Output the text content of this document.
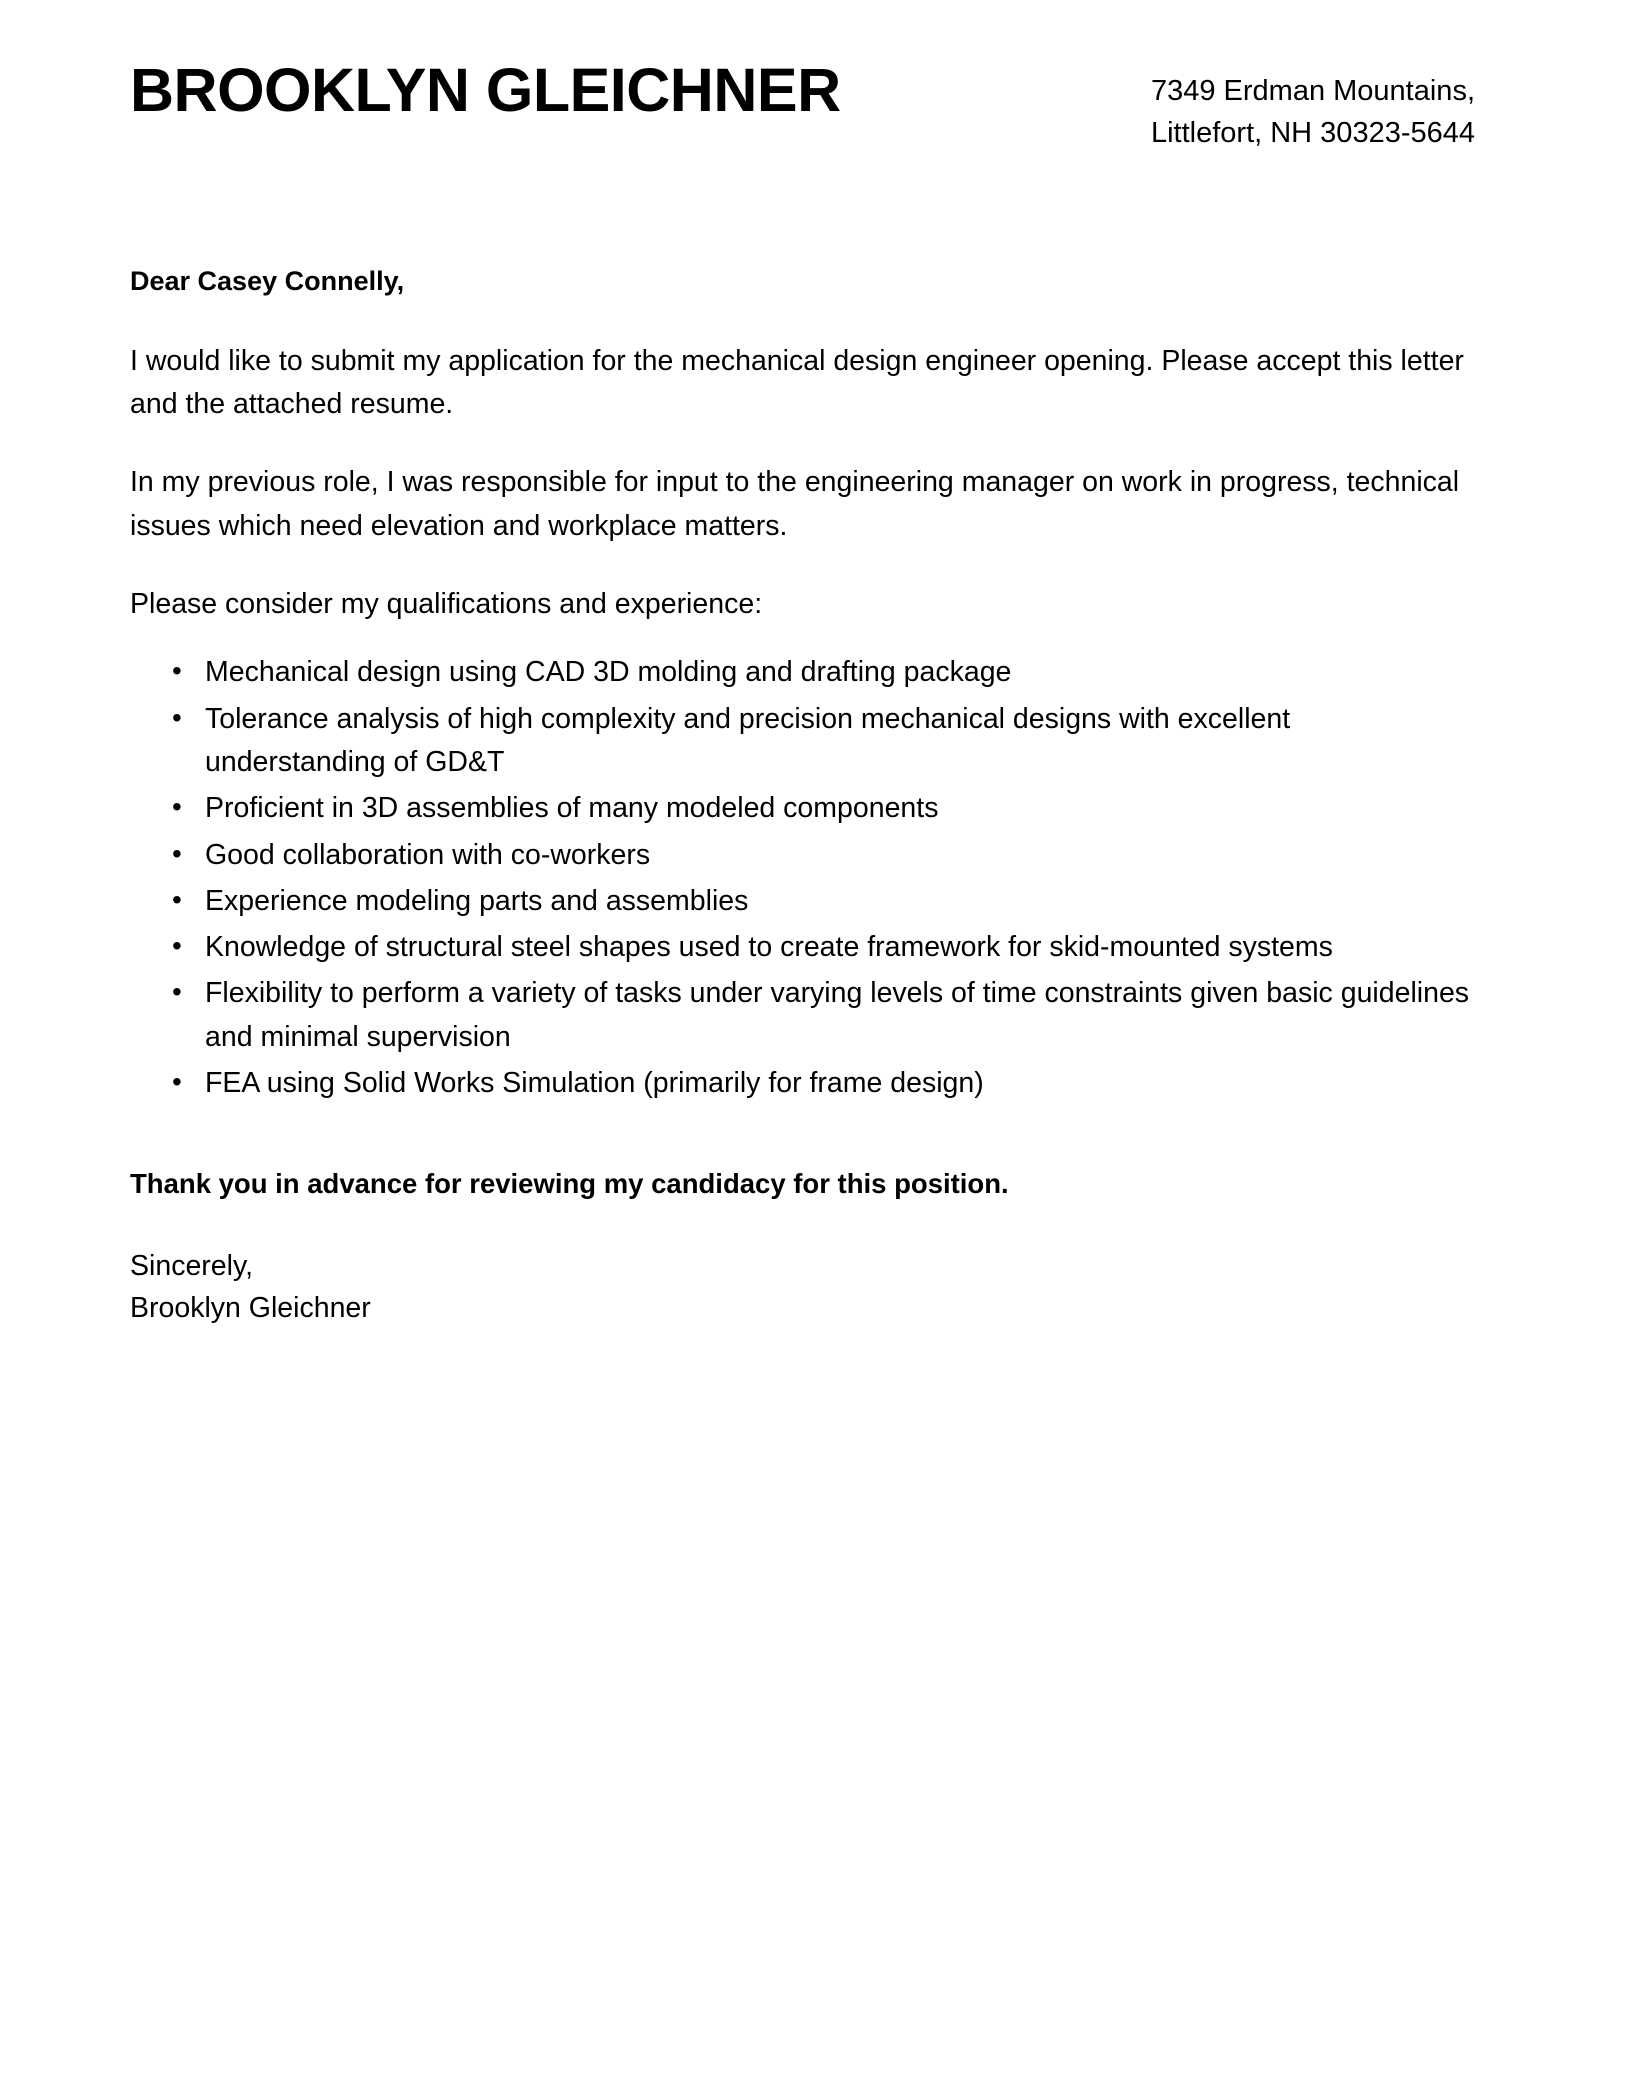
BROOKLYN GLEICHNER	7349 Erdman Mountains,
Littlefort, NH 30323-5644

Dear Casey Connelly,

I would like to submit my application for the mechanical design engineer opening. Please accept this letter and the attached resume.

In my previous role, I was responsible for input to the engineering manager on work in progress, technical issues which need elevation and workplace matters.

Please consider my qualifications and experience:

• Mechanical design using CAD 3D molding and drafting package
• Tolerance analysis of high complexity and precision mechanical designs with excellent understanding of GD&T
• Proficient in 3D assemblies of many modeled components
• Good collaboration with co-workers
• Experience modeling parts and assemblies
• Knowledge of structural steel shapes used to create framework for skid-mounted systems
• Flexibility to perform a variety of tasks under varying levels of time constraints given basic guidelines and minimal supervision
• FEA using Solid Works Simulation (primarily for frame design)

Thank you in advance for reviewing my candidacy for this position.

Sincerely,
Brooklyn Gleichner
